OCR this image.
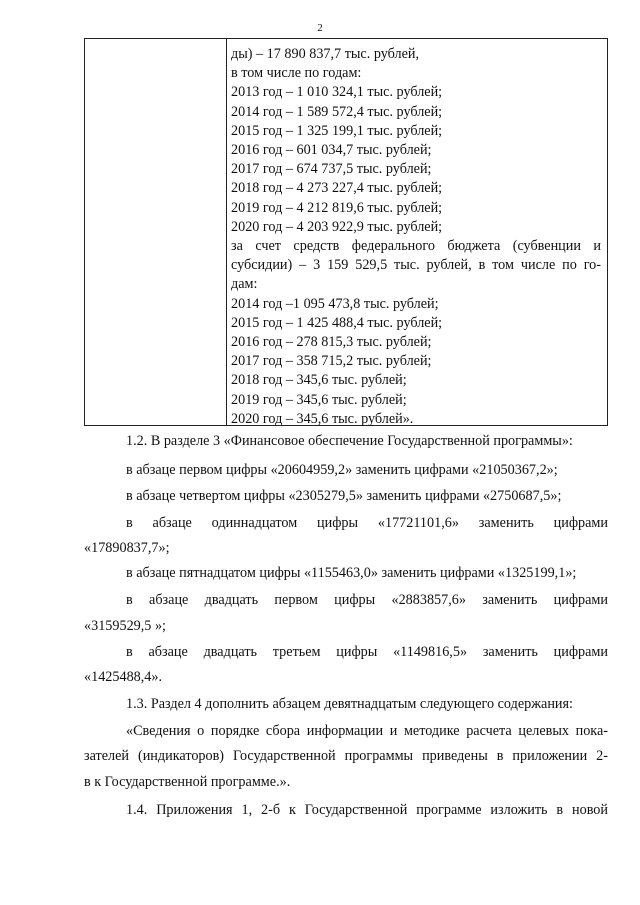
2
ды) – 17 890 837,7 тыс. рублей,
в том числе по годам:
2013 год – 1 010 324,1 тыс. рублей;
2014 год – 1 589 572,4 тыс. рублей;
2015 год – 1 325 199,1 тыс. рублей;
2016 год – 601 034,7 тыс. рублей;
2017 год – 674 737,5 тыс. рублей;
2018 год – 4 273 227,4 тыс. рублей;
2019 год – 4 212 819,6 тыс. рублей;
2020 год – 4 203 922,9 тыс. рублей;
за счет средств федерального бюджета (субвенции и
субсидии) – 3 159 529,5 тыс. рублей, в том числе по го-
дам:
2014 год –1 095 473,8 тыс. рублей;
2015 год – 1 425 488,4 тыс. рублей;
2016 год – 278 815,3 тыс. рублей;
2017 год – 358 715,2 тыс. рублей;
2018 год – 345,6 тыс. рублей;
2019 год – 345,6 тыс. рублей;
2020 год – 345,6 тыс. рублей».
1.2. В разделе 3 «Финансовое обеспечение Государственной программы»:
в абзаце первом цифры «20604959,2» заменить цифрами «21050367,2»;
в абзаце четвертом цифры «2305279,5» заменить цифрами «2750687,5»;
в абзаце одиннадцатом цифры «17721101,6» заменить цифрами
«17890837,7»;
в абзаце пятнадцатом цифры «1155463,0» заменить цифрами «1325199,1»;
в абзаце двадцать первом цифры «2883857,6» заменить цифрами
«3159529,5 »;
в абзаце двадцать третьем цифры «1149816,5» заменить цифрами
«1425488,4».
1.3. Раздел 4 дополнить абзацем девятнадцатым следующего содержания:
«Сведения о порядке сбора информации и методике расчета целевых пока-
зателей (индикаторов) Государственной программы приведены в приложении 2-
в к Государственной программе.».
1.4. Приложения 1, 2-б к Государственной программе изложить в новой
